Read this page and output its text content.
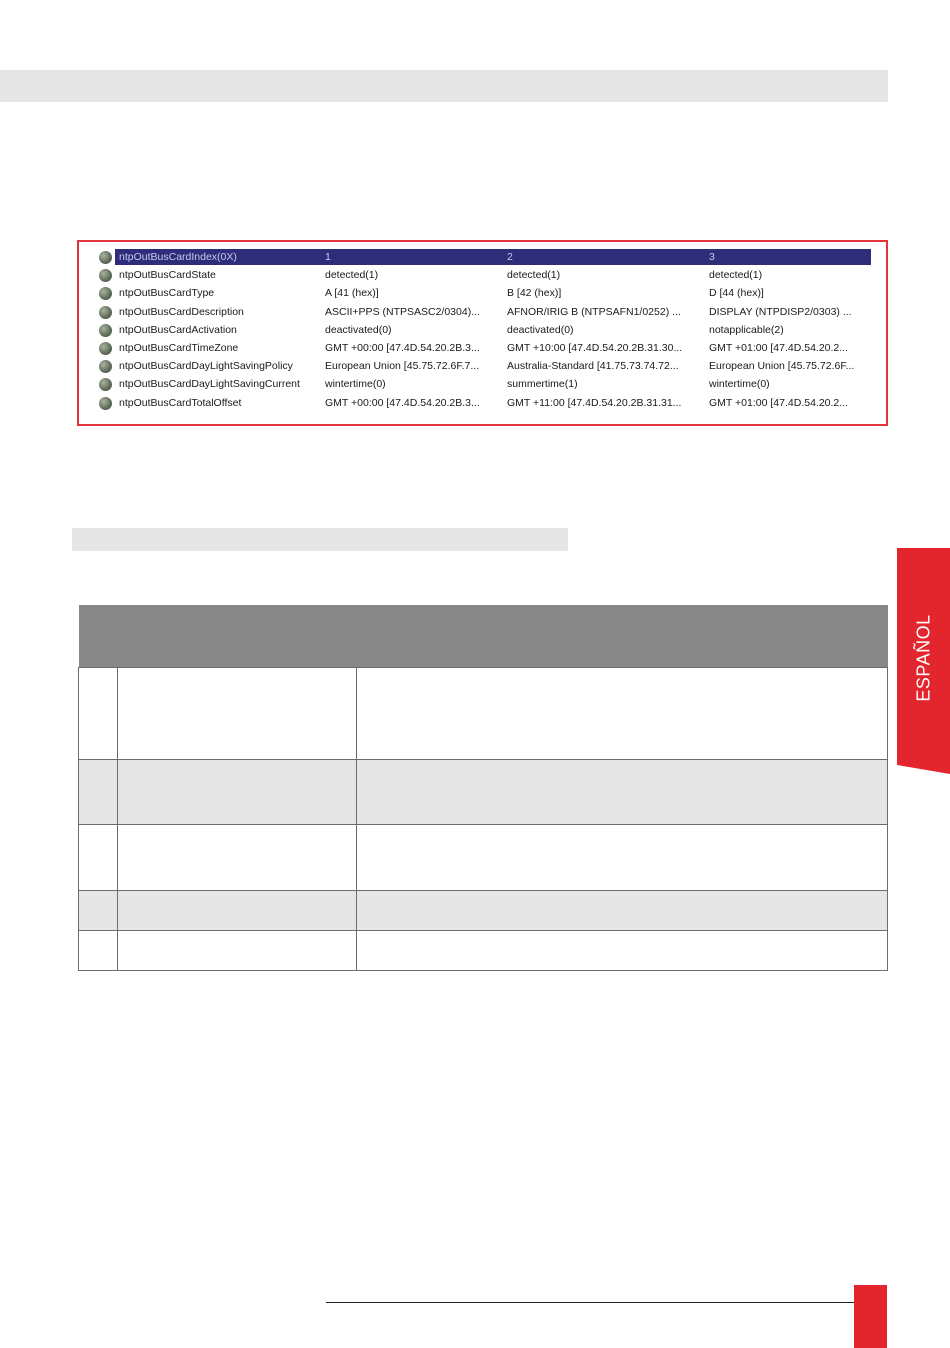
ntpOutBusCardIndex(0X)	1	2	3
ntpOutBusCardState	detected(1)	detected(1)	detected(1)
ntpOutBusCardType	A [41 (hex)]	B [42 (hex)]	D [44 (hex)]
ntpOutBusCardDescription	ASCII+PPS (NTPSASC2/0304)...	AFNOR/IRIG B (NTPSAFN1/0252) ...	DISPLAY (NTPDISP2/0303) ...
ntpOutBusCardActivation	deactivated(0)	deactivated(0)	notapplicable(2)
ntpOutBusCardTimeZone	GMT +00:00 [47.4D.54.20.2B.3...	GMT +10:00 [47.4D.54.20.2B.31.30...	GMT +01:00 [47.4D.54.20.2...
ntpOutBusCardDayLightSavingPolicy	European Union [45.75.72.6F.7...	Australia-Standard [41.75.73.74.72...	European Union [45.75.72.6F...
ntpOutBusCardDayLightSavingCurrent	wintertime(0)	summertime(1)	wintertime(0)
ntpOutBusCardTotalOffset	GMT +00:00 [47.4D.54.20.2B.3...	GMT +11:00 [47.4D.54.20.2B.31.31...	GMT +01:00 [47.4D.54.20.2...

ESPAÑOL
